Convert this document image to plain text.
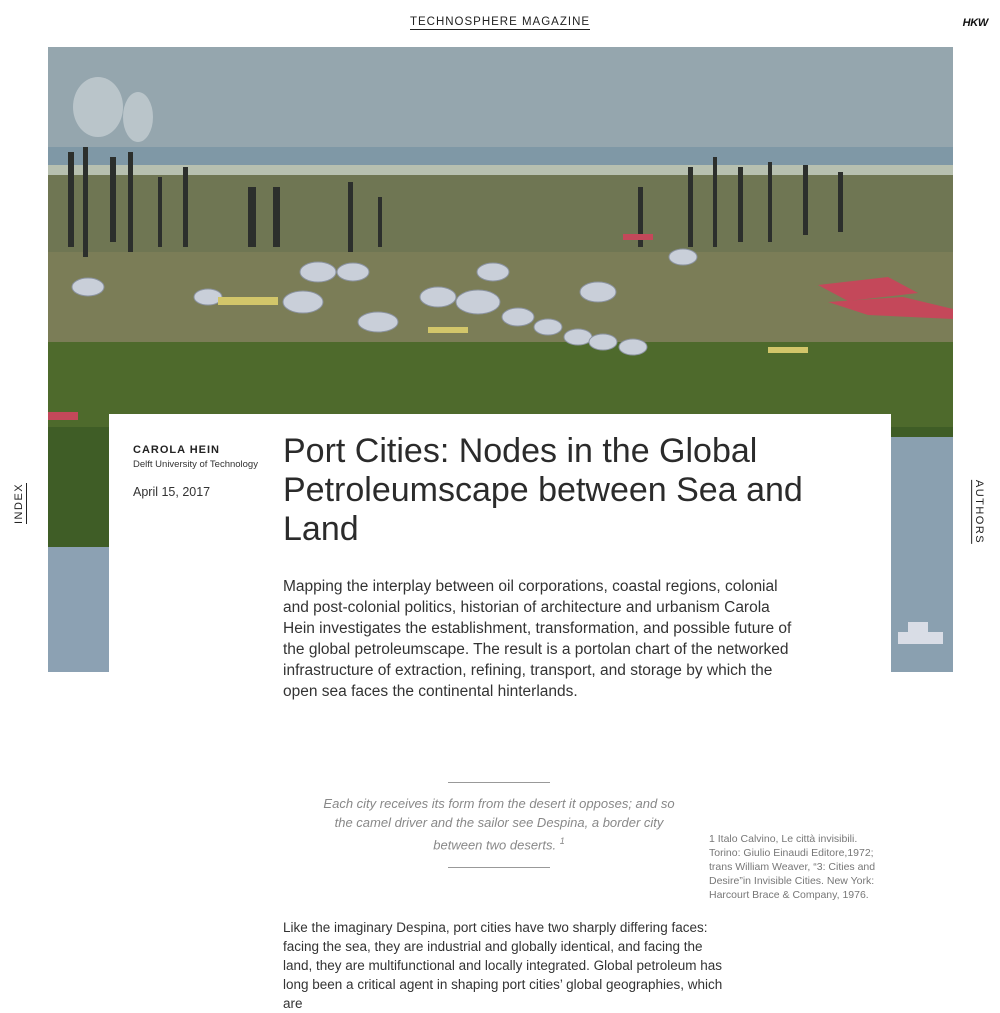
TECHNOSPHERE MAGAZINE	HKW
INDEX	AUTHORS
CAROLA HEIN
Delft University of Technology
April 15, 2017
Port Cities: Nodes in the Global Petroleumscape between Sea and Land

Mapping the interplay between oil corporations, coastal regions, colonial and post-colonial politics, historian of architecture and urbanism Carola Hein investigates the establishment, transformation, and possible future of the global petroleumscape. The result is a portolan chart of the networked infrastructure of extraction, refining, transport, and storage by which the open sea faces the continental hinterlands.

Each city receives its form from the desert it opposes; and so the camel driver and the sailor see Despina, a border city between two deserts. $^1$	1 Italo Calvino, Le città invisibili. Torino: Giulio Einaudi Editore,1972; trans William Weaver, “3: Cities and Desire”in Invisible Cities. New York: Harcourt Brace & Company, 1976.

Like the imaginary Despina, port cities have two sharply differing faces: facing the sea, they are industrial and globally identical, and facing the land, they are multifunctional and locally integrated. Global petroleum has long been a critical agent in shaping port cities’ global geographies, which are
